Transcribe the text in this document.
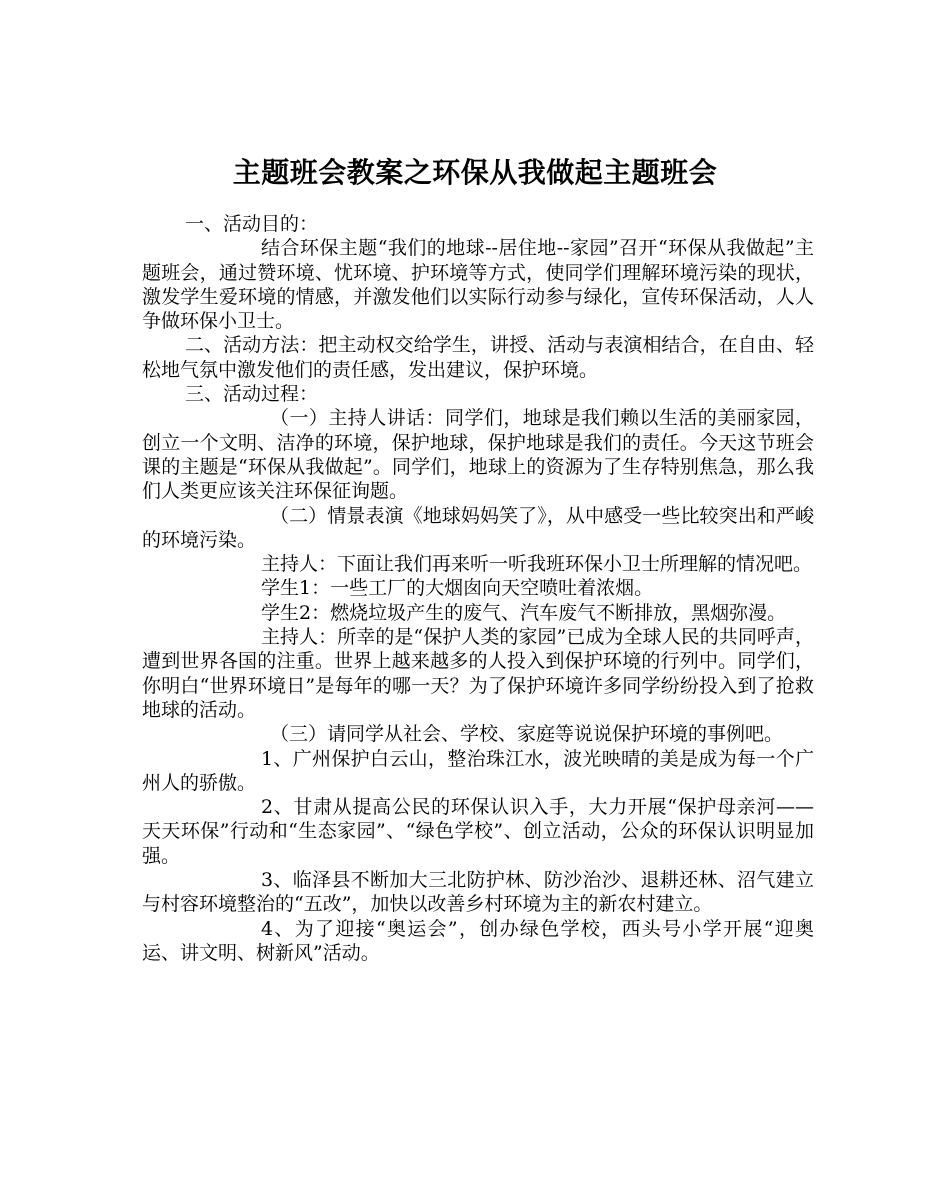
主题班会教案之环保从我做起主题班会

一、活动目的：

结合环保主题“我们的地球--居住地--家园”召开“环保从我做起”主题班会，通过赞环境、忧环境、护环境等方式，使同学们理解环境污染的现状，激发学生爱环境的情感，并激发他们以实际行动参与绿化，宣传环保活动，人人争做环保小卫士。

二、活动方法：把主动权交给学生，讲授、活动与表演相结合，在自由、轻松地气氛中激发他们的责任感，发出建议，保护环境。

三、活动过程：

（一）主持人讲话：同学们，地球是我们赖以生活的美丽家园，创立一个文明、洁净的环境，保护地球，保护地球是我们的责任。今天这节班会课的主题是“环保从我做起”。同学们，地球上的资源为了生存特别焦急，那么我们人类更应该关注环保征询题。

（二）情景表演《地球妈妈笑了》，从中感受一些比较突出和严峻的环境污染。

主持人：下面让我们再来听一听我班环保小卫士所理解的情况吧。

学生1：一些工厂的大烟囱向天空喷吐着浓烟。

学生2：燃烧垃圾产生的废气、汽车废气不断排放，黑烟弥漫。

主持人：所幸的是“保护人类的家园”已成为全球人民的共同呼声，遭到世界各国的注重。世界上越来越多的人投入到保护环境的行列中。同学们，你明白“世界环境日”是每年的哪一天？为了保护环境许多同学纷纷投入到了抢救地球的活动。

（三）请同学从社会、学校、家庭等说说保护环境的事例吧。

1、广州保护白云山，整治珠江水，波光映晴的美是成为每一个广州人的骄傲。

2、甘肃从提高公民的环保认识入手，大力开展“保护母亲河——天天环保”行动和“生态家园”、“绿色学校”、创立活动，公众的环保认识明显加强。

3、临泽县不断加大三北防护林、防沙治沙、退耕还林、沼气建立与村容环境整治的“五改”，加快以改善乡村环境为主的新农村建立。

4、为了迎接“奥运会”，创办绿色学校，西头号小学开展“迎奥运、讲文明、树新风”活动。
